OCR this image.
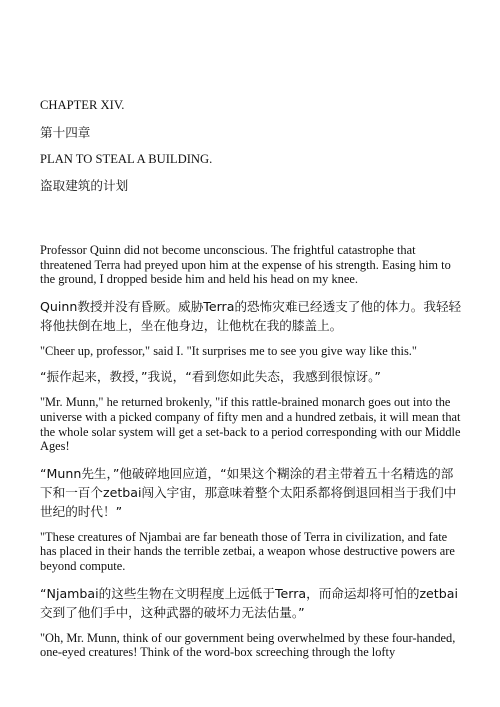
CHAPTER XIV.

第十四章

PLAN TO STEAL A BUILDING.

盗取建筑的计划

Professor Quinn did not become unconscious. The frightful catastrophe that threatened Terra had preyed upon him at the expense of his strength. Easing him to the ground, I dropped beside him and held his head on my knee.

Quinn教授并没有昏厥。威胁Terra的恐怖灾难已经透支了他的体力。我轻轻将他扶倒在地上，坐在他身边，让他枕在我的膝盖上。

"Cheer up, professor," said I. "It surprises me to see you give way like this."

“振作起来，教授，”我说，“看到您如此失态，我感到很惊讶。”

"Mr. Munn," he returned brokenly, "if this rattle-brained monarch goes out into the universe with a picked company of fifty men and a hundred zetbais, it will mean that the whole solar system will get a set-back to a period corresponding with our Middle Ages!

“Munn先生，”他破碎地回应道，“如果这个糊涂的君主带着五十名精选的部下和一百个zetbai闯入宇宙，那意味着整个太阳系都将倒退回相当于我们中世纪的时代！”

"These creatures of Njambai are far beneath those of Terra in civilization, and fate has placed in their hands the terrible zetbai, a weapon whose destructive powers are beyond compute.

“Njambai的这些生物在文明程度上远低于Terra，而命运却将可怕的zetbai交到了他们手中，这种武器的破坏力无法估量。”

"Oh, Mr. Munn, think of our government being overwhelmed by these four-handed, one-eyed creatures! Think of the word-box screeching through the lofty
